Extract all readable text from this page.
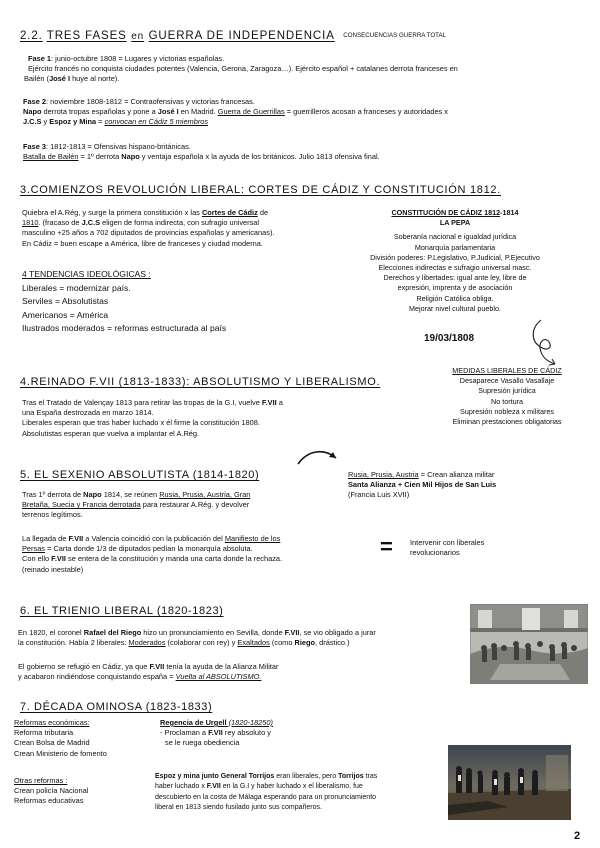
2.2. TRES FASES en GUERRA DE INDEPENDENCIA CONSECUENCIAS GUERRA TOTAL
Fase 1: junio-octubre 1808 = Lugares y victorias españolas.
Ejército francés no conquista ciudades potentes (Valencia, Gerona, Zaragoza…). Ejército español + catalanes derrota franceses en
Bailén (José I huye al norte).
Fase 2: noviembre 1808-1812 = Contraofensivas y victorias francesas.
Napo derrota tropas españolas y pone a José I en Madrid. Guerra de Guerrillas = guerrilleros acosan a franceses y autoridades x
J.C.S y Espoz y Mina = convocan en Cádiz 5 miembros
Fase 3: 1812-1813 = Ofensivas hispano-británicas.
Batalla de Bailén = 1º derrota Napo y ventaja española x la ayuda de los británicos. Julio 1813 ofensiva final.
3.COMIENZOS REVOLUCIÓN LIBERAL: CORTES DE CÁDIZ Y CONSTITUCIÓN 1812.
Quiebra el A.Rég, y surge la primera constitución x las Cortes de Cádiz de
1810. (fracaso de J.C.S eligen de forma indirecta, con sufragio universal
masculino +25 años a 702 diputados de provincias españolas y americanas).
En Cádiz = buen escape a América, libre de franceses y ciudad moderna.
4 TENDENCIAS IDEOLÓGICAS :
Liberales = modernizar país.
Serviles = Absolutistas
Americanos = América
Ilustrados moderados = reformas estructurada al país
CONSTITUCIÓN DE CÁDIZ 1812-1814
LA PEPA
Soberanía nacional e igualdad jurídica
Monarquía parlamentaria
División poderes: P.Legislativo, P.Judicial, P.Ejecutivo
Elecciones indirectas e sufragio universal masc.
Derechos y libertades: igual ante ley, libre de
expresión, imprenta y de asociación
Religión Católica obliga.
Mejorar nivel cultural pueblo.
19/03/1808
4.REINADO F.VII (1813-1833): ABSOLUTISMO Y LIBERALISMO.
Tras el Tratado de Valençay 1813 para retirar las tropas de la G.I, vuelve F.VII a
una España destrozada en marzo 1814.
Liberales esperan que tras haber luchado x él firme la constitución 1808.
Absolutistas esperan que vuelva a implantar el A.Rég.
MEDIDAS LIBERALES DE CÁDIZ
Desaparece Vasallo Vasallaje
Supresión jurídica
No tortura
Supresión nobleza x militares
Eliminan prestaciones obligatorias
5. EL SEXENIO ABSOLUTISTA (1814-1820)
Tras 1º derrota de Napo 1814, se reúnen Rusia, Prusia, Austria, Gran
Bretaña, Suecia y Francia derrotada para restaurar A.Rég. y devolver
terrenos legítimos.
Rusia, Prusia, Austria = Crean alianza militar
Santa Alianza + Cien Mil Hijos de San Luis
(Francia Luis XVII)
La llegada de F.VII a Valencia coincidió con la publicación del Manifiesto de los
Persas = Carta donde 1/3 de diputados pedían la monarquía absoluta.
Con ello F.VII se entera de la constitución y manda una carta donde la rechaza.
(reinado inestable)
= Intervenir con liberales
revolucionarios
6. EL TRIENIO LIBERAL (1820-1823)
En 1820, el coronel Rafael del Riego hizo un pronunciamiento en Sevilla, donde F.VII, se vio obligado a jurar
la constitución. Había 2 liberales: Moderados (colaborar con rey) y Exaltados (como Riego, drástico.)
El gobierno se refugió en Cádiz, ya que F.VII tenía la ayuda de la Alianza Militar
y acabaron rindiéndose conquistando españa = Vuelta al ABSOLUTISMO.
7. DÉCADA OMINOSA (1823-1833)
Reformas económicas:
Reforma tributaria
Crean Bolsa de Madrid
Crean Ministerio de fomento
Regencia de Urgell (1820-18250)
- Proclaman a F.VII rey absoluto y
se le ruega obediencia
Otras reformas :
Crean policía Nacional
Reformas educativas
Espoz y mina junto General Torrijos eran liberales, pero Torrijos tras
haber luchado x F.VII en la G.I y haber luchado x el liberalismo, fue
descubierto en la costa de Málaga esperando para un pronunciamiento
liberal en 1813 siendo fusilado junto sus compañeros.
2
